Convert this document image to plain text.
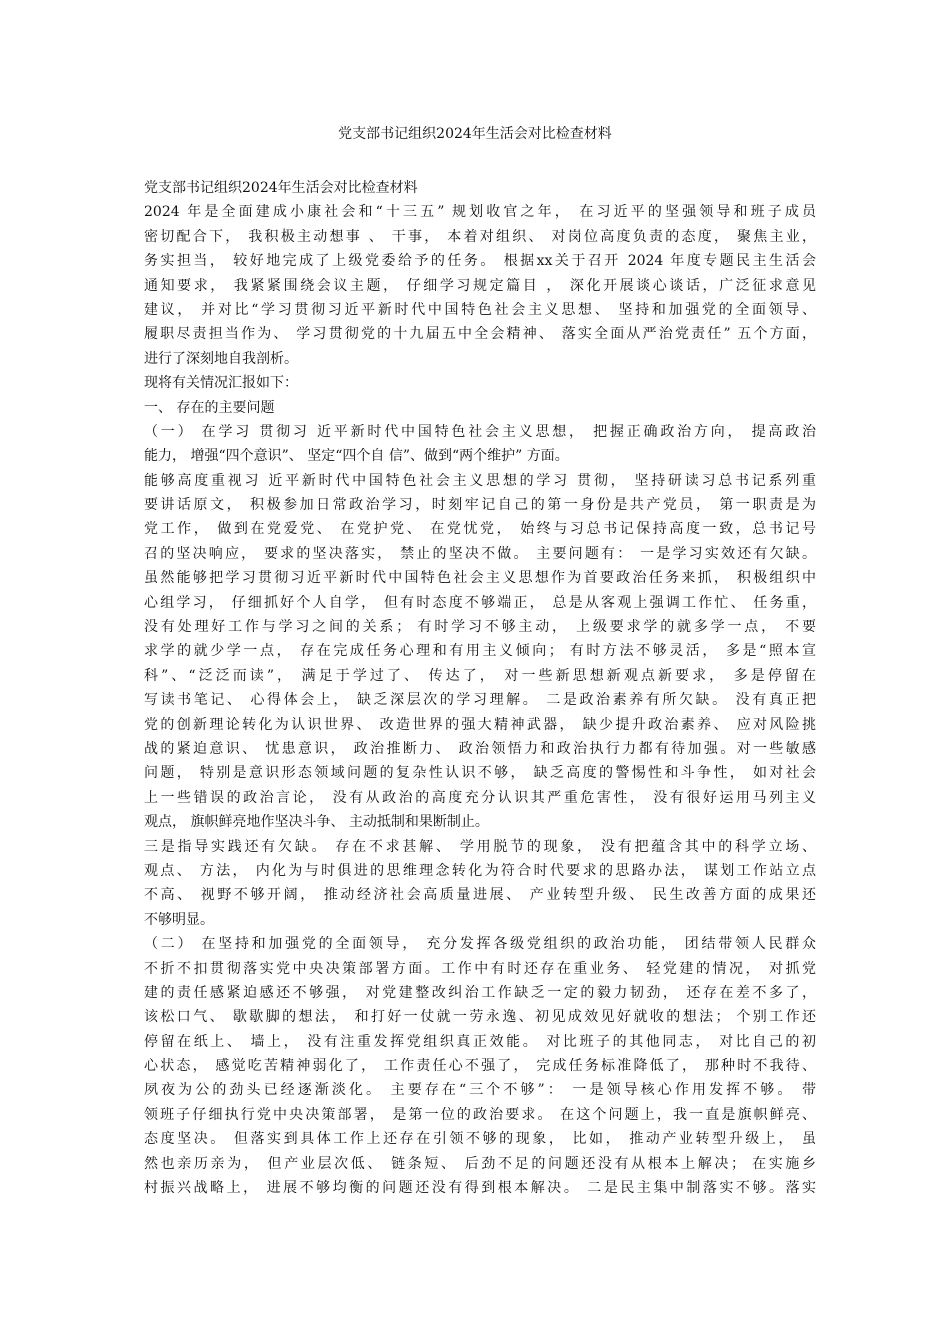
党支部书记组织2024年生活会对比检查材料
党支部书记组织2024年生活会对比检查材料
2024 年是全面建成小康社会和“十三五” 规划收官之年， 在习近平的坚强领导和班子成员
密切配合下， 我积极主动想事 、 干事， 本着对组织、 对岗位高度负责的态度， 聚焦主业，
务实担当， 较好地完成了上级党委给予的任务。 根据xx关于召开 2024 年度专题民主生活会
通知要求， 我紧紧围绕会议主题， 仔细学习规定篇目 ， 深化开展谈心谈话，广泛征求意见
建议， 并对比“学习贯彻习近平新时代中国特色社会主义思想、 坚持和加强党的全面领导、
履职尽责担当作为、 学习贯彻党的十九届五中全会精神、 落实全面从严治党责任” 五个方面，
进行了深刻地自我剖析。
现将有关情况汇报如下：
一、 存在的主要问题
（一） 在学习 贯彻习 近平新时代中国特色社会主义思想， 把握正确政治方向， 提高政治
能力， 增强“四个意识”、 坚定“四个自 信”、做到“两个维护” 方面。
能够高度重视习 近平新时代中国特色社会主义思想的学习 贯彻， 坚持研读习总书记系列重
要讲话原文， 积极参加日常政治学习，时刻牢记自己的第一身份是共产党员， 第一职责是为
党工作， 做到在党爱党、 在党护党、 在党忧党， 始终与习总书记保持高度一致，总书记号
召的坚决响应， 要求的坚决落实， 禁止的坚决不做。 主要问题有： 一是学习实效还有欠缺。
虽然能够把学习贯彻习近平新时代中国特色社会主义思想作为首要政治任务来抓， 积极组织中
心组学习， 仔细抓好个人自学， 但有时态度不够端正， 总是从客观上强调工作忙、 任务重，
没有处理好工作与学习之间的关系； 有时学习不够主动， 上级要求学的就多学一点， 不要
求学的就少学一点， 存在完成任务心理和有用主义倾向； 有时方法不够灵活， 多是“照本宣
科”、“泛泛而读”， 满足于学过了、 传达了， 对一些新思想新观点新要求， 多是停留在
写读书笔记、 心得体会上， 缺乏深层次的学习理解。 二是政治素养有所欠缺。 没有真正把
党的创新理论转化为认识世界、 改造世界的强大精神武器， 缺少提升政治素养、 应对风险挑
战的紧迫意识、 忧患意识， 政治推断力、 政治领悟力和政治执行力都有待加强。对一些敏感
问题， 特别是意识形态领域问题的复杂性认识不够， 缺乏高度的警惕性和斗争性， 如对社会
上一些错误的政治言论， 没有从政治的高度充分认识其严重危害性， 没有很好运用马列主义
观点， 旗帜鲜亮地作坚决斗争、 主动抵制和果断制止。
三是指导实践还有欠缺。 存在不求甚解、 学用脱节的现象， 没有把蕴含其中的科学立场、
观点、 方法， 内化为与时俱进的思维理念转化为符合时代要求的思路办法， 谋划工作站立点
不高、 视野不够开阔， 推动经济社会高质量进展、 产业转型升级、 民生改善方面的成果还
不够明显。
（二） 在坚持和加强党的全面领导， 充分发挥各级党组织的政治功能， 团结带领人民群众
不折不扣贯彻落实党中央决策部署方面。工作中有时还存在重业务、 轻党建的情况， 对抓党
建的责任感紧迫感还不够强， 对党建整改纠治工作缺乏一定的毅力韧劲， 还存在差不多了，
该松口气、 歇歇脚的想法， 和打好一仗就一劳永逸、初见成效见好就收的想法； 个别工作还
停留在纸上、 墙上， 没有注重发挥党组织真正效能。 对比班子的其他同志， 对比自己的初
心状态， 感觉吃苦精神弱化了， 工作责任心不强了， 完成任务标准降低了， 那种时不我待、
夙夜为公的劲头已经逐渐淡化。 主要存在“三个不够”： 一是领导核心作用发挥不够。 带
领班子仔细执行党中央决策部署， 是第一位的政治要求。 在这个问题上，我一直是旗帜鲜亮、
态度坚决。 但落实到具体工作上还存在引领不够的现象， 比如， 推动产业转型升级上， 虽
然也亲历亲为， 但产业层次低、 链条短、 后劲不足的问题还没有从根本上解决； 在实施乡
村振兴战略上， 进展不够均衡的问题还没有得到根本解决。 二是民主集中制落实不够。落实
